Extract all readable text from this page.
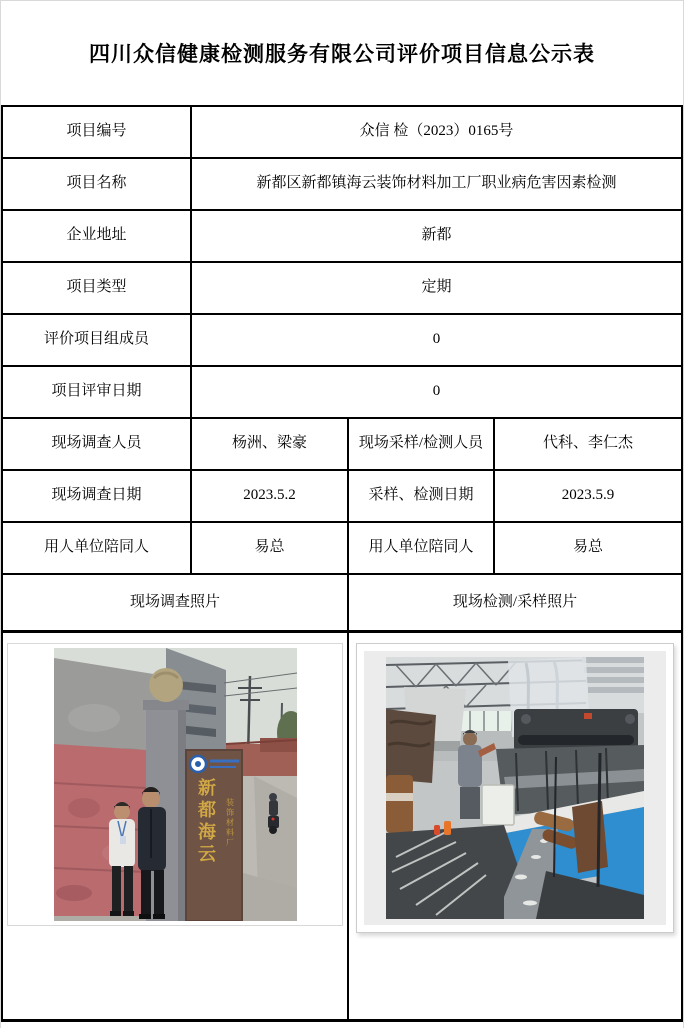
四川众信健康检测服务有限公司评价项目信息公示表
项目编号	众信 检（2023）0165号
项目名称	新都区新都镇海云装饰材料加工厂职业病危害因素检测
企业地址	新都
项目类型	定期
评价项目组成员	0
项目评审日期	0
现场调查人员	杨洲、梁豪	现场采样/检测人员	代科、李仁杰
现场调查日期	2023.5.2	采样、检测日期	2023.5.9
用人单位陪同人	易总	用人单位陪同人	易总
现场调查照片	现场检测/采样照片
新都海云 装饰材料厂
